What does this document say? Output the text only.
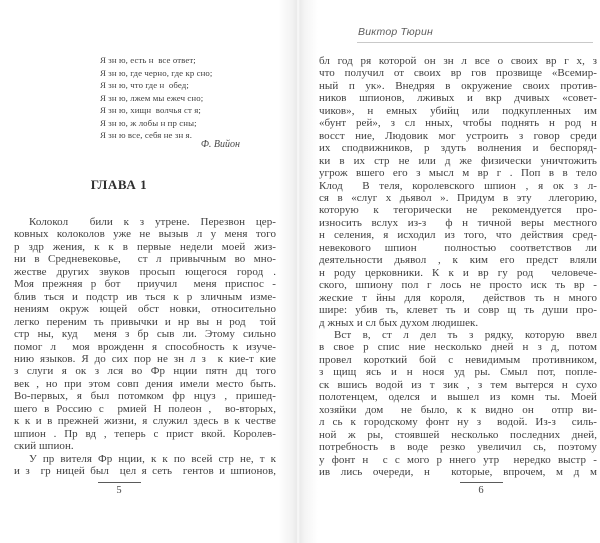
Я зн ю, есть н  все ответ;
Я зн ю, где черно, где кр сно;
Я зн ю, что где н  обед;
Я зн ю, лжем мы ежеч сно;
Я зн ю, хищн  волчья ст я;
Я зн ю, ж лобы н пр сны;
Я зн ю все, себя не зн я.
Ф. Вийон
ГЛАВА 1
Колокол  били к з утрене. Перезвон цер-
ковных колоколов уже не вызыв л у меня того
р здр жения, к к в первые недели моей жиз-
ни в Средневековье,  ст л привычным во мно-
жестве других звуков просып ющегося город .
Моя прежняя р бот  приучил  меня приспос -
блив ться и подстр ив ться к р зличным изме-
нениям окруж ющей обст новки, относительно
легко переним ть привычки и нр вы н род  той
стр ны, куд  меня з бр сыв ли. Этому сильно
помог л  моя врожденн я способность к изуче-
нию языков. Я до сих пор не зн л з  к кие-т кие
з слуги я ок з лся во Фр нции пятн дц того
век , но при этом совп дения имели место быть.
Во-первых, я был потомком фр нцуз , пришед-
шего в Россию с  рмией Н полеон ,  во-вторых,
к к и в прежней жизни, я служил здесь в к честве
шпион . Пр вд , теперь с прист вкой. Королев-
ский шпион.
У пр вителя Фр нции, к к по всей стр не, т к
и з  гр ницей был  цел я сеть  гентов и шпионов,
5
Виктор Тюрин
бл год ря которой он зн л все о своих вр г х, з
что получил от своих вр гов прозвище «Всемир-
ный п ук». Внедряя в окружение своих против-
ников шпионов, лживых и вкр дчивых «совет-
чиков», н емных убийц или подкупленных им
«бунт рей», з сл нных, чтобы поднять н род н
восст ние, Людовик мог устроить з говор среди
их сподвижников, р здуть волнения и беспоряд-
ки в их стр не или д же физически уничтожить
угрож вшего его з мысл м вр г . Поп в в тело
Клод  В теля, королевского шпион , я ок з л-
ся в «слуг х дьявол ». Придум в эту  ллегорию,
которую к тегорически не рекомендуется про-
износить вслух из-з  ф н тичной веры местного
н селения, я исходил из того, что действия сред-
невекового шпион  полностью соответствов ли
деятельности дьявол , к ким его предст вляли
н роду церковники. К к и вр гу род  человече-
ского, шпиону пол г лось не просто иск ть вр -
жеские т йны для короля,  действов ть н много
шире: убив ть, клевет ть и совр щ ть души про-
д жных и сл бых духом людишек.
Вст в, ст л дел ть з рядку, которую ввел
в свое р спис ние несколько дней н з д, потом
провел короткий бой с невидимым противником,
з щищ ясь и н нося уд ры. Смыл пот, попле-
ск вшись водой из т зик , з тем вытерся н сухо
полотенцем, оделся и вышел из комн ты. Моей
хозяйки дом  не было, к к видно он  отпр ви-
л сь к городскому фонт ну з  водой. Из-з  силь-
ной ж ры, стоявшей несколько последних дней,
потребность в воде резко увеличил сь, поэтому
у фонт н  с с мого р ннего утр  нередко выстр -
ив лись очереди, н  которые, впрочем, м д м
6
